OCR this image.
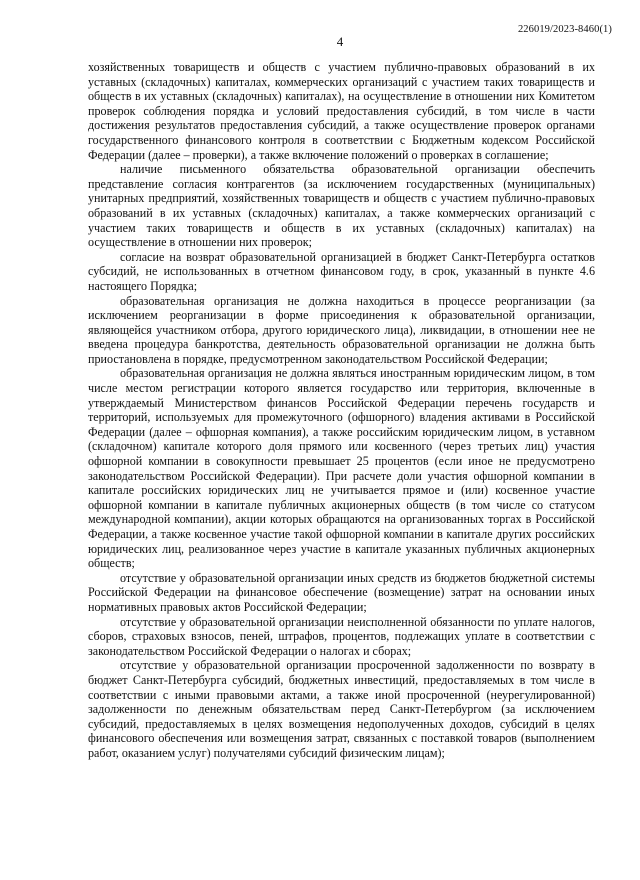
226019/2023-8460(1)
4

хозяйственных товариществ и обществ с участием публично-правовых образований в их уставных (складочных) капиталах, коммерческих организаций с участием таких товариществ и обществ в их уставных (складочных) капиталах), на осуществление в отношении них Комитетом проверок соблюдения порядка и условий предоставления субсидий, в том числе в части достижения результатов предоставления субсидий, а также осуществление проверок органами государственного финансового контроля в соответствии с Бюджетным кодексом Российской Федерации (далее – проверки), а также включение положений о проверках в соглашение;

наличие письменного обязательства образовательной организации обеспечить представление согласия контрагентов (за исключением государственных (муниципальных) унитарных предприятий, хозяйственных товариществ и обществ с участием публично-правовых образований в их уставных (складочных) капиталах, а также коммерческих организаций с участием таких товариществ и обществ в их уставных (складочных) капиталах) на осуществление в отношении них проверок;

согласие на возврат образовательной организацией в бюджет Санкт-Петербурга остатков субсидий, не использованных в отчетном финансовом году, в срок, указанный в пункте 4.6 настоящего Порядка;

образовательная организация не должна находиться в процессе реорганизации (за исключением реорганизации в форме присоединения к образовательной организации, являющейся участником отбора, другого юридического лица), ликвидации, в отношении нее не введена процедура банкротства, деятельность образовательной организации не должна быть приостановлена в порядке, предусмотренном законодательством Российской Федерации;

образовательная организация не должна являться иностранным юридическим лицом, в том числе местом регистрации которого является государство или территория, включенные в утверждаемый Министерством финансов Российской Федерации перечень государств и территорий, используемых для промежуточного (офшорного) владения активами в Российской Федерации (далее – офшорная компания), а также российским юридическим лицом, в уставном (складочном) капитале которого доля прямого или косвенного (через третьих лиц) участия офшорной компании в совокупности превышает 25 процентов (если иное не предусмотрено законодательством Российской Федерации). При расчете доли участия офшорной компании в капитале российских юридических лиц не учитывается прямое и (или) косвенное участие офшорной компании в капитале публичных акционерных обществ (в том числе со статусом международной компании), акции которых обращаются на организованных торгах в Российской Федерации, а также косвенное участие такой офшорной компании в капитале других российских юридических лиц, реализованное через участие в капитале указанных публичных акционерных обществ;

отсутствие у образовательной организации иных средств из бюджетов бюджетной системы Российской Федерации на финансовое обеспечение (возмещение) затрат на основании иных нормативных правовых актов Российской Федерации;

отсутствие у образовательной организации неисполненной обязанности по уплате налогов, сборов, страховых взносов, пеней, штрафов, процентов, подлежащих уплате в соответствии с законодательством Российской Федерации о налогах и сборах;

отсутствие у образовательной организации просроченной задолженности по возврату в бюджет Санкт-Петербурга субсидий, бюджетных инвестиций, предоставляемых в том числе в соответствии с иными правовыми актами, а также иной просроченной (неурегулированной) задолженности по денежным обязательствам перед Санкт-Петербургом (за исключением субсидий, предоставляемых в целях возмещения недополученных доходов, субсидий в целях финансового обеспечения или возмещения затрат, связанных с поставкой товаров (выполнением работ, оказанием услуг) получателями субсидий физическим лицам);
